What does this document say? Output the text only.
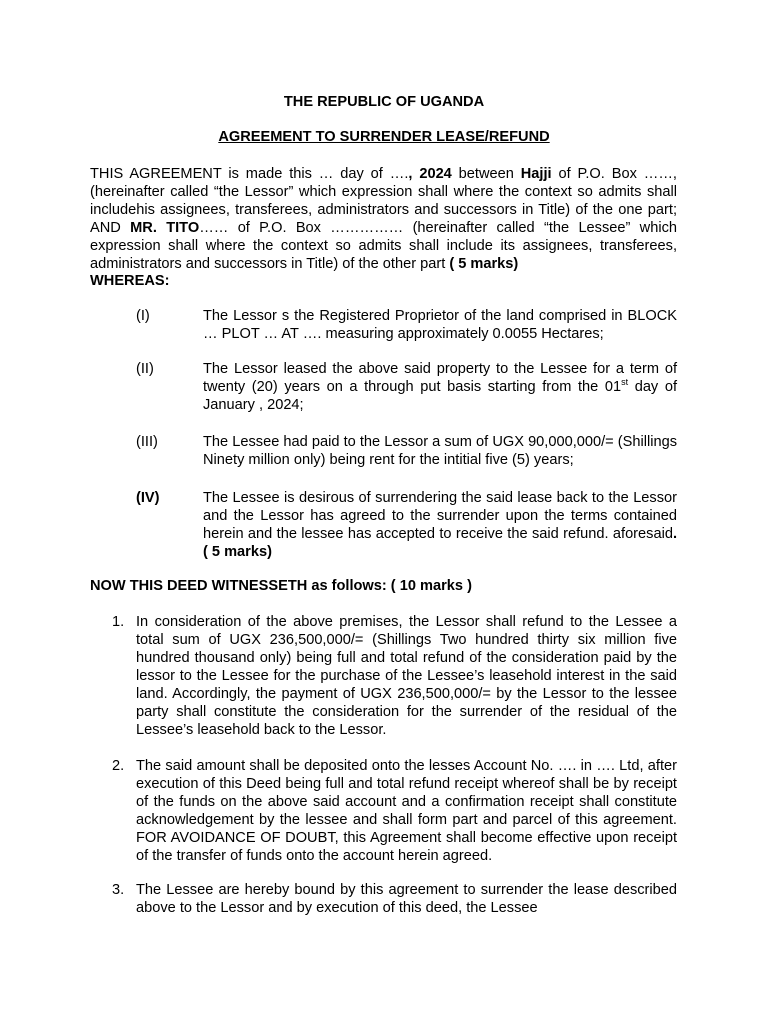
THE REPUBLIC OF UGANDA
AGREEMENT TO SURRENDER LEASE/REFUND
THIS AGREEMENT is made this … day of …., 2024 between Hajji of P.O. Box ……, (hereinafter called “the Lessor” which expression shall where the context so admits shall includehis assignees, transferees, administrators and successors in Title) of the one part; AND MR. TITO…… of P.O. Box …………… (hereinafter called “the Lessee” which expression shall where the context so admits shall include its assignees, transferees, administrators and successors in Title) of the other part ( 5 marks)
WHEREAS:
(I)	The Lessor s the Registered Proprietor of the land comprised in BLOCK … PLOT … AT …. measuring approximately 0.0055 Hectares;
(II)	The Lessor leased the above said property to the Lessee for a term of twenty (20) years on a through put basis starting from the 01st day of January , 2024;
(III)	The Lessee had paid to the Lessor a sum of UGX 90,000,000/= (Shillings Ninety million only) being rent for the intitial five (5) years;
(IV)	The Lessee is desirous of surrendering the said lease back to the Lessor and the Lessor has agreed to the surrender upon the terms contained herein and the lessee has accepted to receive the said refund. aforesaid.( 5 marks)
NOW THIS DEED WITNESSETH as follows: ( 10 marks )
1. In consideration of the above premises, the Lessor shall refund to the Lessee a total sum of UGX 236,500,000/= (Shillings Two hundred thirty six million five hundred thousand only) being full and total refund of the consideration paid by the lessor to the Lessee for the purchase of the Lessee’s leasehold interest in the said land. Accordingly, the payment of UGX 236,500,000/= by the Lessor to the lessee party shall constitute the consideration for the surrender of the residual of the Lessee’s leasehold back to the Lessor.
2. The said amount shall be deposited onto the lesses Account No. …. in …. Ltd, after execution of this Deed being full and total refund receipt whereof shall be by receipt of the funds on the above said account and a confirmation receipt shall constitute acknowledgement by the lessee and shall form part and parcel of this agreement. FOR AVOIDANCE OF DOUBT, this Agreement shall become effective upon receipt of the transfer of funds onto the account herein agreed.
3. The Lessee are hereby bound by this agreement to surrender the lease described above to the Lessor and by execution of this deed, the Lessee
